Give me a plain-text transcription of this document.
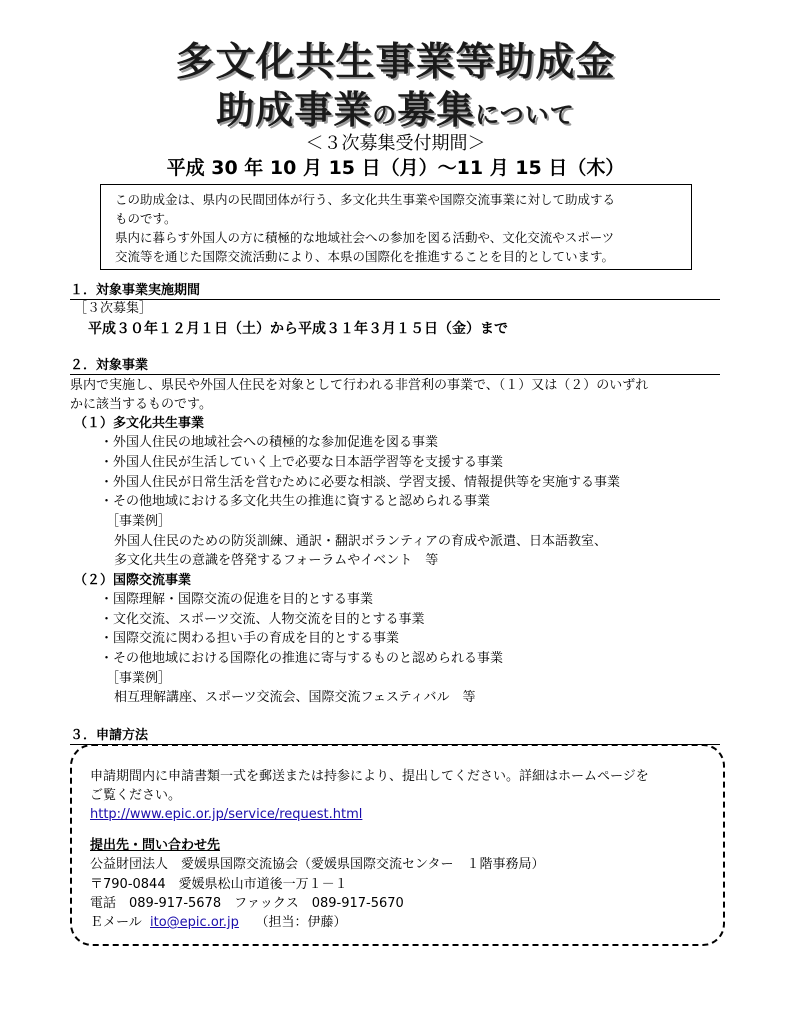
多文化共生事業等助成金
助成事業の募集について
＜３次募集受付期間＞
平成 30 年 10 月 15 日（月）～11 月 15 日（木）

この助成金は、県内の民間団体が行う、多文化共生事業や国際交流事業に対して助成する

ものです。

県内に暮らす外国人の方に積極的な地域社会への参加を図る活動や、文化交流やスポーツ

交流等を通じた国際交流活動により、本県の国際化を推進することを目的としています。

１．対象事業実施期間
［３次募集］
平成３０年１２月１日（土）から平成３１年３月１５日（金）まで
２．対象事業
県内で実施し、県民や外国人住民を対象として行われる非営利の事業で、（１）又は（２）のいずれ
かに該当するものです。
（１）多文化共生事業
・外国人住民の地域社会への積極的な参加促進を図る事業
・外国人住民が生活していく上で必要な日本語学習等を支援する事業
・外国人住民が日常生活を営むために必要な相談、学習支援、情報提供等を実施する事業
・その他地域における多文化共生の推進に資すると認められる事業
［事業例］
外国人住民のための防災訓練、通訳・翻訳ボランティアの育成や派遣、日本語教室、
多文化共生の意識を啓発するフォーラムやイベント　等
（２）国際交流事業
・国際理解・国際交流の促進を目的とする事業
・文化交流、スポーツ交流、人物交流を目的とする事業
・国際交流に関わる担い手の育成を目的とする事業
・その他地域における国際化の推進に寄与するものと認められる事業
［事業例］
相互理解講座、スポーツ交流会、国際交流フェスティバル　等
３．申請方法
申請期間内に申請書類一式を郵送または持参により、提出してください。詳細はホームページを
ご覧ください。
http://www.epic.or.jp/service/request.html
提出先・問い合わせ先
公益財団法人　愛媛県国際交流協会（愛媛県国際交流センター　１階事務局）
〒790-0844　愛媛県松山市道後一万１－１
電話　089-917-5678　ファックス　089-917-5670
Ｅメール ito@epic.or.jp （担当：伊藤）
